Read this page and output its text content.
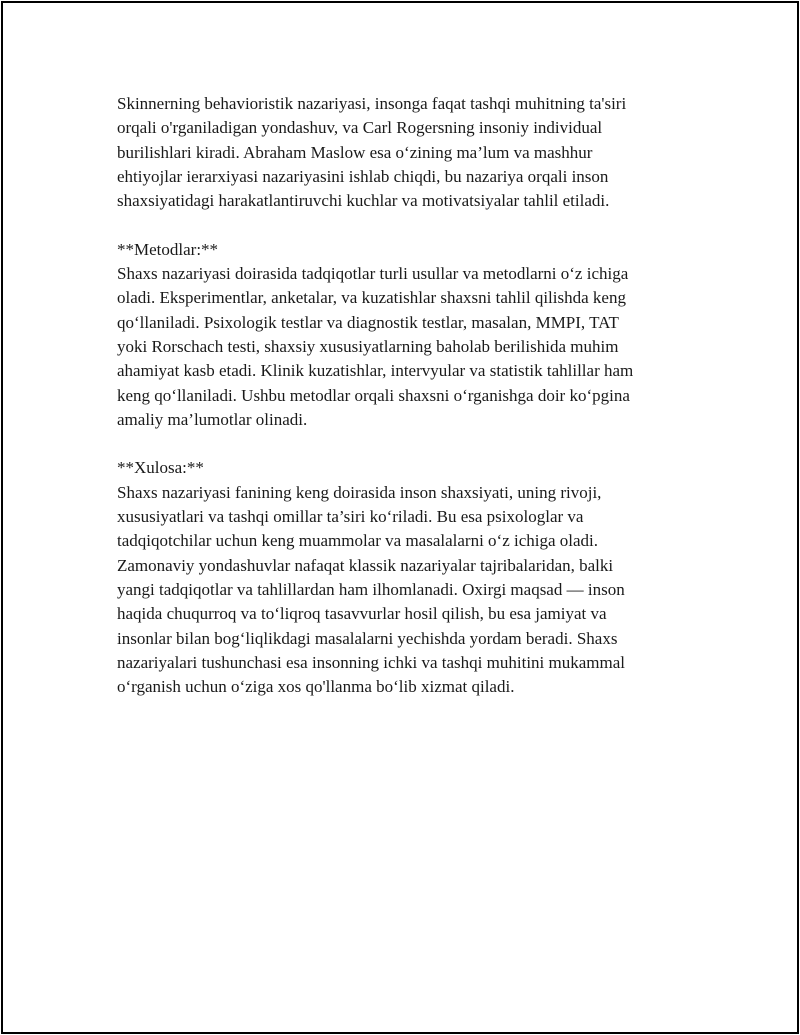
Skinnerning behavioristik nazariyasi, insonga faqat tashqi muhitning ta'siri
orqali o'rganiladigan yondashuv, va Carl Rogersning insoniy individual
burilishlari kiradi. Abraham Maslow esa o‘zining ma’lum va mashhur
ehtiyojlar ierarxiyasi nazariyasini ishlab chiqdi, bu nazariya orqali inson
shaxsiyatidagi harakatlantiruvchi kuchlar va motivatsiyalar tahlil etiladi.

**Metodlar:**
Shaxs nazariyasi doirasida tadqiqotlar turli usullar va metodlarni o‘z ichiga
oladi. Eksperimentlar, anketalar, va kuzatishlar shaxsni tahlil qilishda keng
qo‘llaniladi. Psixologik testlar va diagnostik testlar, masalan, MMPI, TAT
yoki Rorschach testi, shaxsiy xususiyatlarning baholab berilishida muhim
ahamiyat kasb etadi. Klinik kuzatishlar, intervyular va statistik tahlillar ham
keng qo‘llaniladi. Ushbu metodlar orqali shaxsni o‘rganishga doir ko‘pgina
amaliy ma’lumotlar olinadi.

**Xulosa:**
Shaxs nazariyasi fanining keng doirasida inson shaxsiyati, uning rivoji,
xususiyatlari va tashqi omillar ta’siri ko‘riladi. Bu esa psixologlar va
tadqiqotchilar uchun keng muammolar va masalalarni o‘z ichiga oladi.
Zamonaviy yondashuvlar nafaqat klassik nazariyalar tajribalaridan, balki
yangi tadqiqotlar va tahlillardan ham ilhomlanadi. Oxirgi maqsad — inson
haqida chuqurroq va to‘liqroq tasavvurlar hosil qilish, bu esa jamiyat va
insonlar bilan bog‘liqlikdagi masalalarni yechishda yordam beradi. Shaxs
nazariyalari tushunchasi esa insonning ichki va tashqi muhitini mukammal
o‘rganish uchun o‘ziga xos qo'llanma bo‘lib xizmat qiladi.
